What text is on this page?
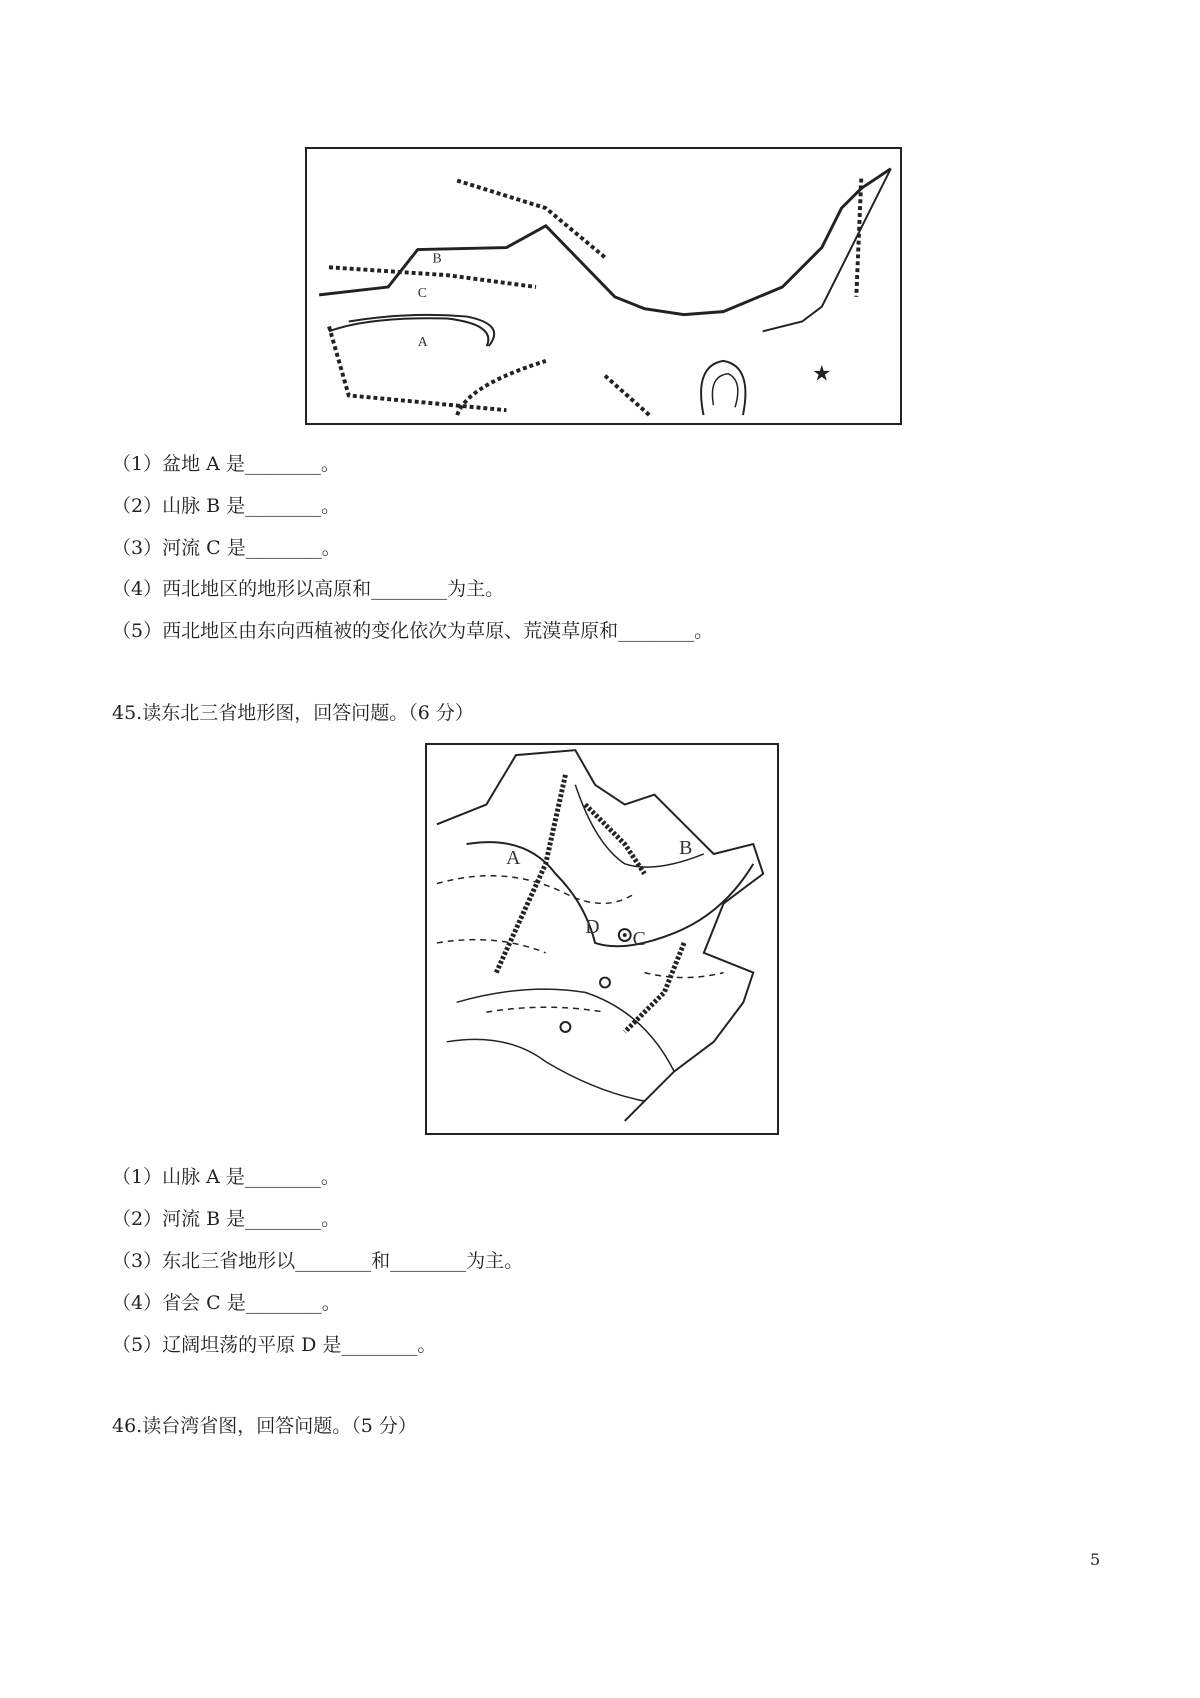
★
B
C
A
（1）盆地 A 是________。
（2）山脉 B 是________。
（3）河流 C 是________。
（4）西北地区的地形以高原和________为主。
（5）西北地区由东向西植被的变化依次为草原、荒漠草原和________。
45.读东北三省地形图，回答问题。（6 分）
A	B
C
D
（1）山脉 A 是________。
（2）河流 B 是________。
（3）东北三省地形以________和________为主。
（4）省会 C 是________。
（5）辽阔坦荡的平原 D 是________。
46.读台湾省图，回答问题。（5 分）
5
